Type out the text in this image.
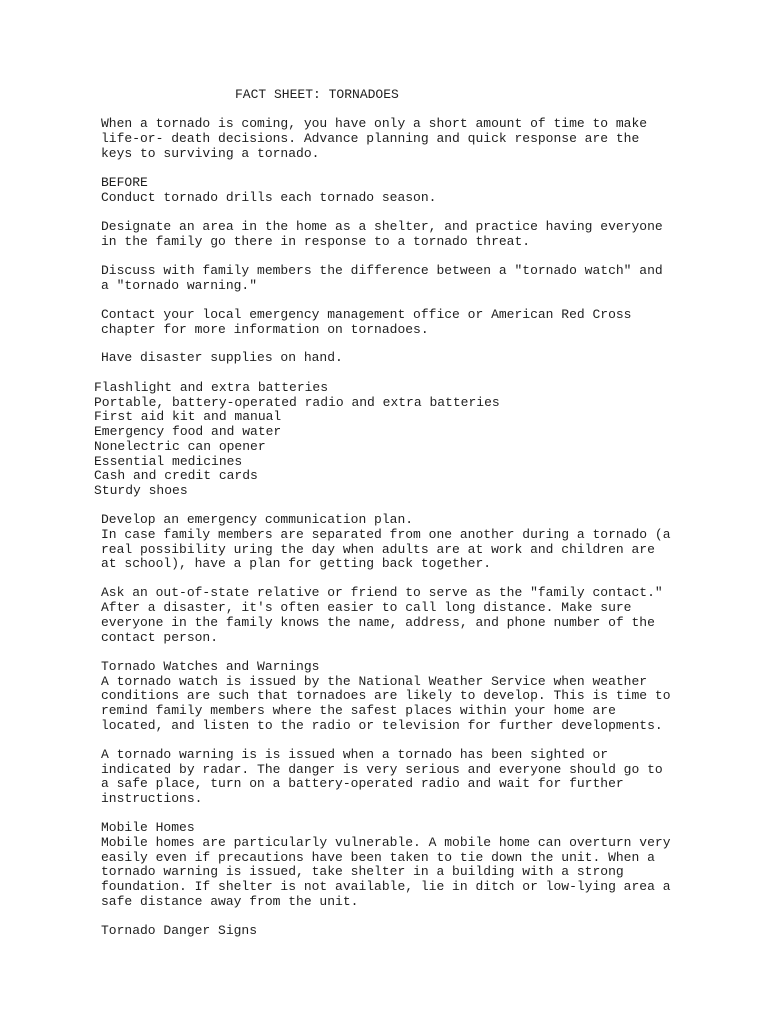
FACT SHEET: TORNADOES
When a tornado is coming, you have only a short amount of time to make
life-or- death decisions. Advance planning and quick response are the
keys to surviving a tornado.
BEFORE
Conduct tornado drills each tornado season.
Designate an area in the home as a shelter, and practice having everyone
in the family go there in response to a tornado threat.
Discuss with family members the difference between a "tornado watch" and
a "tornado warning."
Contact your local emergency management office or American Red Cross
chapter for more information on tornadoes.
Have disaster supplies on hand.
Flashlight and extra batteries
Portable, battery-operated radio and extra batteries
First aid kit and manual
Emergency food and water
Nonelectric can opener
Essential medicines
Cash and credit cards
Sturdy shoes
Develop an emergency communication plan.
In case family members are separated from one another during a tornado (a
real possibility uring the day when adults are at work and children are
at school), have a plan for getting back together.
Ask an out-of-state relative or friend to serve as the "family contact."
After a disaster, it's often easier to call long distance. Make sure
everyone in the family knows the name, address, and phone number of the
contact person.
Tornado Watches and Warnings
A tornado watch is issued by the National Weather Service when weather
conditions are such that tornadoes are likely to develop. This is time to
remind family members where the safest places within your home are
located, and listen to the radio or television for further developments.
A tornado warning is is issued when a tornado has been sighted or
indicated by radar. The danger is very serious and everyone should go to
a safe place, turn on a battery-operated radio and wait for further
instructions.
Mobile Homes
Mobile homes are particularly vulnerable. A mobile home can overturn very
easily even if precautions have been taken to tie down the unit. When a
tornado warning is issued, take shelter in a building with a strong
foundation. If shelter is not available, lie in ditch or low-lying area a
safe distance away from the unit.
Tornado Danger Signs
